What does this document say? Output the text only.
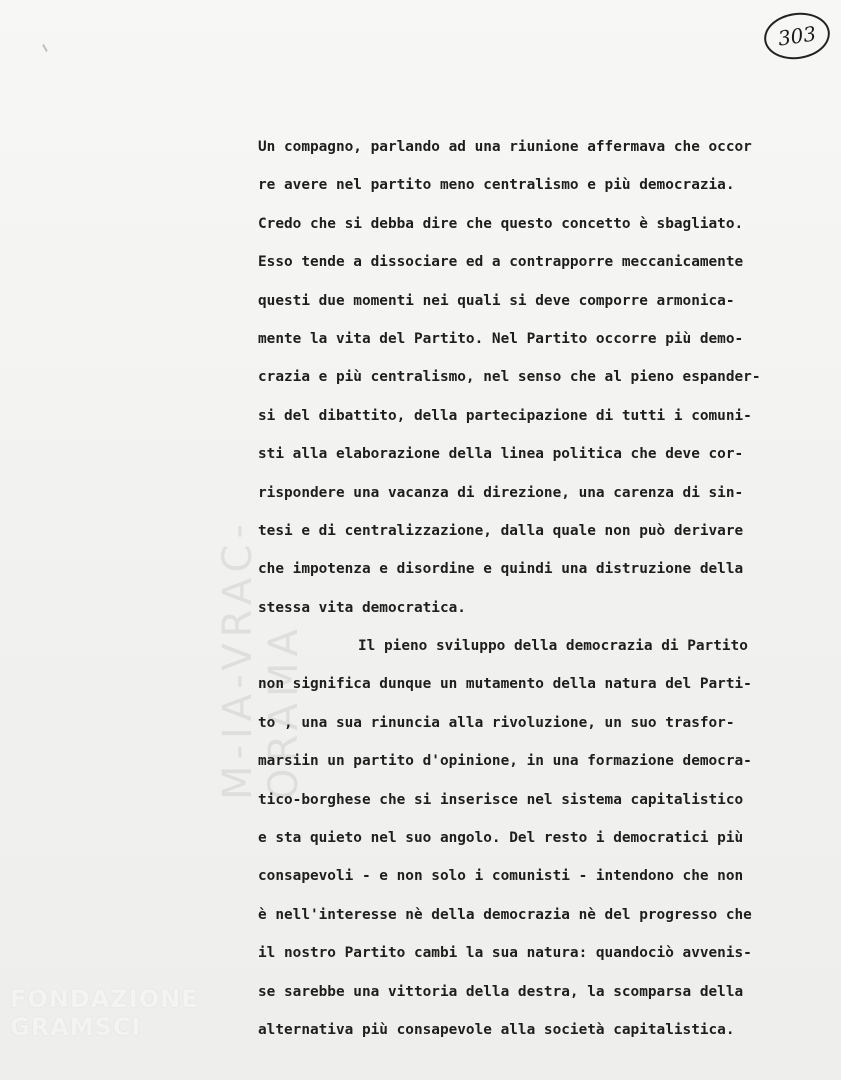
303
M-IA-VRAC-ORAMA
Un compagno, parlando ad una riunione affermava che occor
re avere nel partito meno centralismo e più democrazia.
Credo che si debba dire che questo concetto è sbagliato.
Esso tende a dissociare ed a contrapporre meccanicamente
questi due momenti nei quali si deve comporre armonica-
mente la vita del Partito. Nel Partito occorre più demo-
crazia e più centralismo, nel senso che al pieno espander-
si del dibattito, della partecipazione di tutti i comuni-
sti alla elaborazione della linea politica che deve cor-
rispondere una vacanza di direzione, una carenza di sin-
tesi e di centralizzazione, dalla quale non può derivare
che impotenza e disordine e quindi una distruzione della
stessa vita democratica.
Il pieno sviluppo della democrazia di Partito
non significa dunque un mutamento della natura del Parti-
to , una sua rinuncia alla rivoluzione, un suo trasfor-
marsiin un partito d'opinione, in una formazione democra-
tico-borghese che si inserisce nel sistema capitalistico
e sta quieto nel suo angolo. Del resto i democratici più
consapevoli - e non solo i comunisti - intendono che non
è nell'interesse nè della democrazia nè del progresso che
il nostro Partito cambi la sua natura: quandociò avvenis-
se sarebbe una vittoria della destra, la scomparsa della
alternativa più consapevole alla società capitalistica.
FONDAZIONE
GRAMSCI
